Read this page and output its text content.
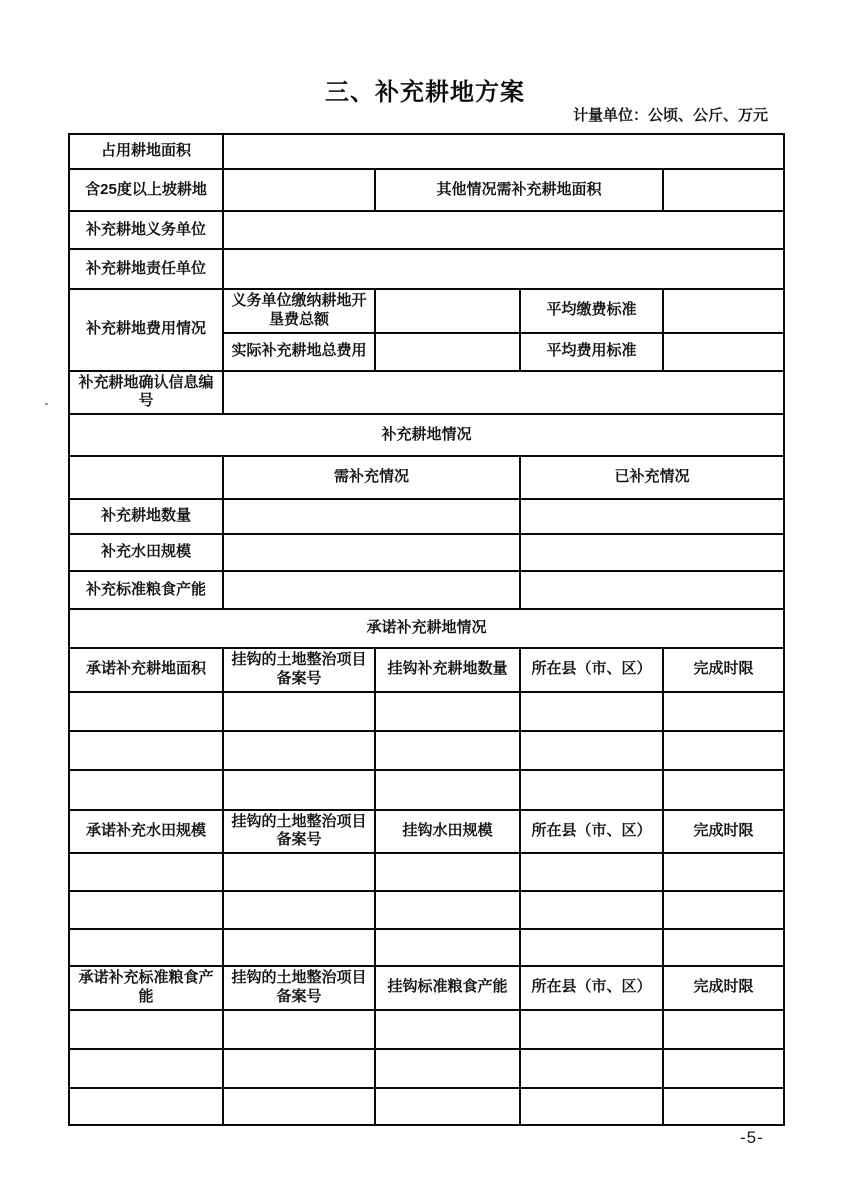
三、补充耕地方案
计量单位：公顷、公斤、万元
占用耕地面积				
含25度以上坡耕地		其他情况需补充耕地面积		
补充耕地义务单位				
补充耕地责任单位				
补充耕地费用情况	义务单位缴纳耕地开垦费总额		平均缴费标准	
	实际补充耕地总费用		平均费用标准	
补充耕地确认信息编号				
补充耕地情况				
	需补充情况		已补充情况	
补充耕地数量				
补充水田规模				
补充标准粮食产能				
承诺补充耕地情况				
承诺补充耕地面积	挂钩的土地整治项目备案号	挂钩补充耕地数量	所在县（市、区）	完成时限

承诺补充水田规模	挂钩的土地整治项目备案号	挂钩水田规模	所在县（市、区）	完成时限

承诺补充标准粮食产能	挂钩的土地整治项目备案号	挂钩标准粮食产能	所在县（市、区）	完成时限

-5-
